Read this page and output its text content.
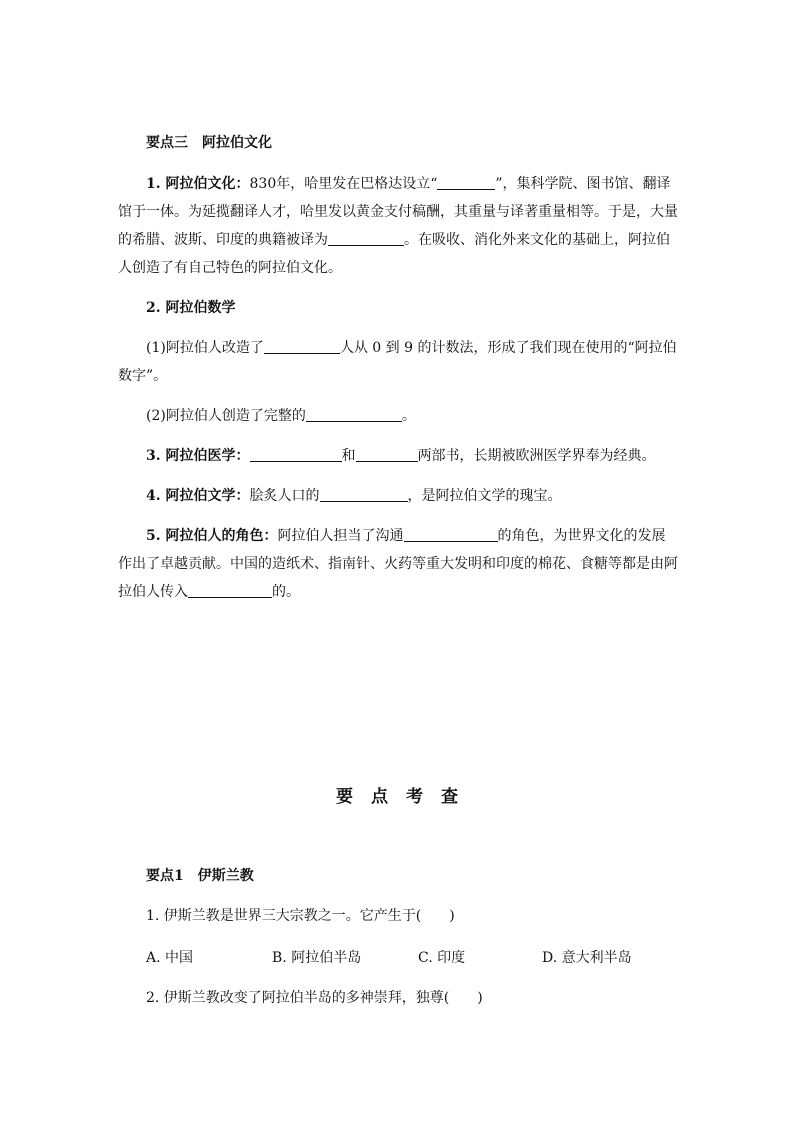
要点三　阿拉伯文化
1. 阿拉伯文化：830年，哈里发在巴格达设立“	”，集科学院、图书馆、翻译
馆于一体。为延揽翻译人才，哈里发以黄金支付稿酬，其重量与译著重量相等。于是，大量
的希腊、波斯、印度的典籍被译为	。在吸收、消化外来文化的基础上，阿拉伯
人创造了有自己特色的阿拉伯文化。
2. 阿拉伯数学
(1)阿拉伯人改造了	人从 0 到 9 的计数法，形成了我们现在使用的“阿拉伯
数字”。
(2)阿拉伯人创造了完整的	。
3. 阿拉伯医学：	和	两部书，长期被欧洲医学界奉为经典。
4. 阿拉伯文学：脍炙人口的	，是阿拉伯文学的瑰宝。
5. 阿拉伯人的角色：阿拉伯人担当了沟通	的角色，为世界文化的发展
作出了卓越贡献。中国的造纸术、指南针、火药等重大发明和印度的棉花、食糖等都是由阿
拉伯人传入	的。
要点考查
要点1　伊斯兰教
1. 伊斯兰教是世界三大宗教之一。它产生于(　　)
A. 中国	B. 阿拉伯半岛	C. 印度	D. 意大利半岛
2. 伊斯兰教改变了阿拉伯半岛的多神崇拜，独尊(　　)
